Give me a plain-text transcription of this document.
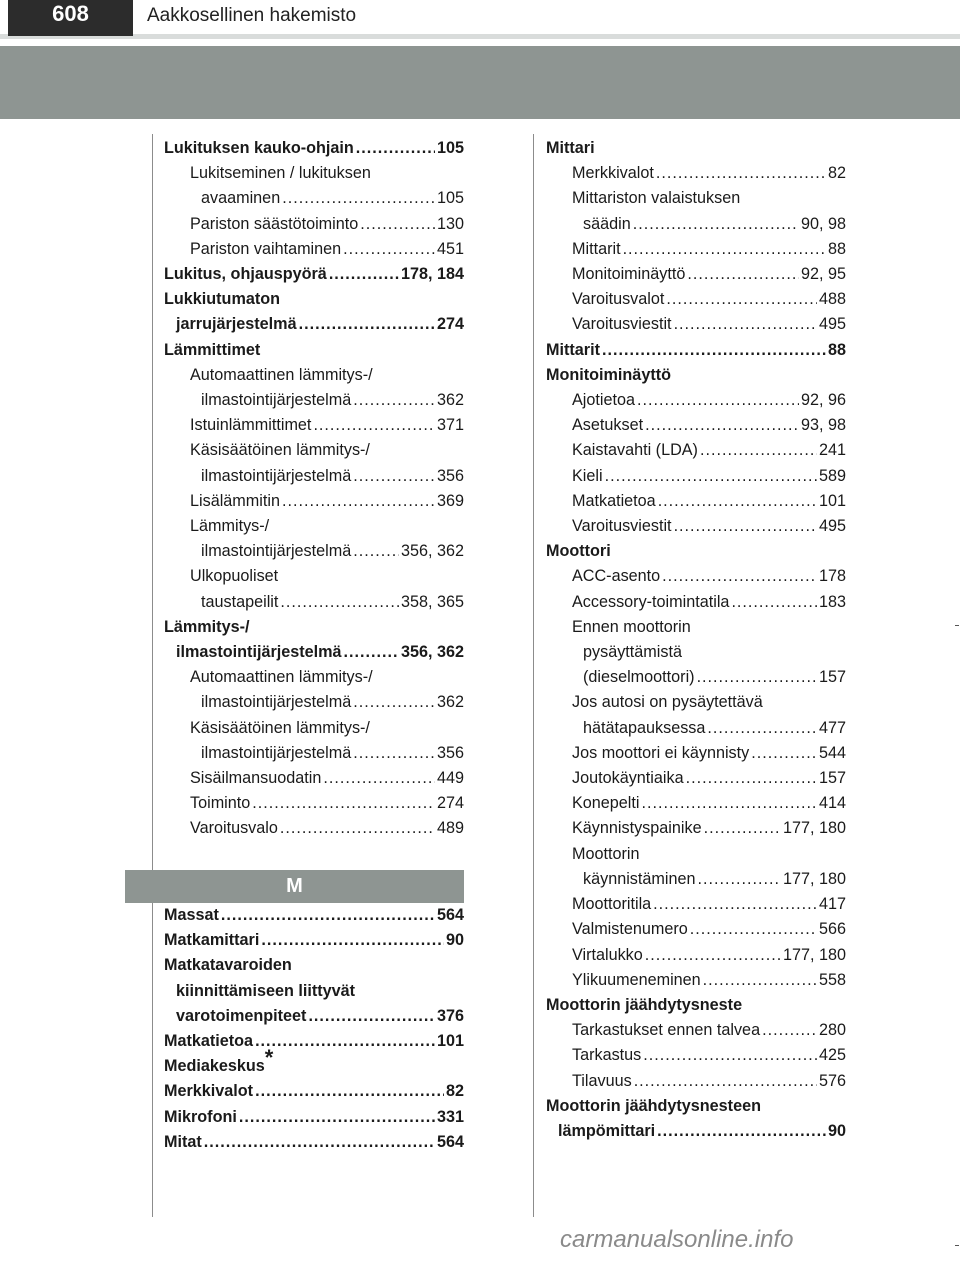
608	Aakkosellinen hakemisto
Lukituksen kauko-ohjain .....	105
Lukitseminen / lukituksen
avaaminen .....	105
Pariston säästötoiminto .....	130
Pariston vaihtaminen .....	451
Lukitus, ohjauspyörä .....	178, 184
Lukkiutumaton
jarrujärjestelmä .....	274
Lämmittimet
Automaattinen lämmitys-/
ilmastointijärjestelmä .....	362
Istuinlämmittimet .....	371
Käsisäätöinen lämmitys-/
ilmastointijärjestelmä .....	356
Lisälämmitin .....	369
Lämmitys-/
ilmastointijärjestelmä .....	356, 362
Ulkopuoliset
taustapeilit .....	358, 365
Lämmitys-/
ilmastointijärjestelmä .....	356, 362
Automaattinen lämmitys-/
ilmastointijärjestelmä .....	362
Käsisäätöinen lämmitys-/
ilmastointijärjestelmä .....	356
Sisäilmansuodatin .....	449
Toiminto .....	274
Varoitusvalo .....	489
M
Massat .....	564
Matkamittari .....	90
Matkatavaroiden
kiinnittämiseen liittyvät
varotoimenpiteet .....	376
Matkatietoa .....	101
Mediakeskus*
Merkkivalot .....	82
Mikrofoni .....	331
Mitat .....	564
Mittari
Merkkivalot .....	82
Mittariston valaistuksen
säädin .....	90, 98
Mittarit .....	88
Monitoiminäyttö .....	92, 95
Varoitusvalot .....	488
Varoitusviestit .....	495
Mittarit .....	88
Monitoiminäyttö
Ajotietoa .....	92, 96
Asetukset .....	93, 98
Kaistavahti (LDA) .....	241
Kieli .....	589
Matkatietoa .....	101
Varoitusviestit .....	495
Moottori
ACC-asento .....	178
Accessory-toimintatila .....	183
Ennen moottorin
pysäyttämistä
(dieselmoottori) .....	157
Jos autosi on pysäytettävä
hätätapauksessa .....	477
Jos moottori ei käynnisty .....	544
Joutokäyntiaika .....	157
Konepelti .....	414
Käynnistyspainike .....	177, 180
Moottorin
käynnistäminen .....	177, 180
Moottoritila .....	417
Valmistenumero .....	566
Virtalukko .....	177, 180
Ylikuumeneminen .....	558
Moottorin jäähdytysneste
Tarkastukset ennen talvea .....	280
Tarkastus .....	425
Tilavuus .....	576
Moottorin jäähdytysnesteen
lämpömittari .....	90
carmanualsonline.info
